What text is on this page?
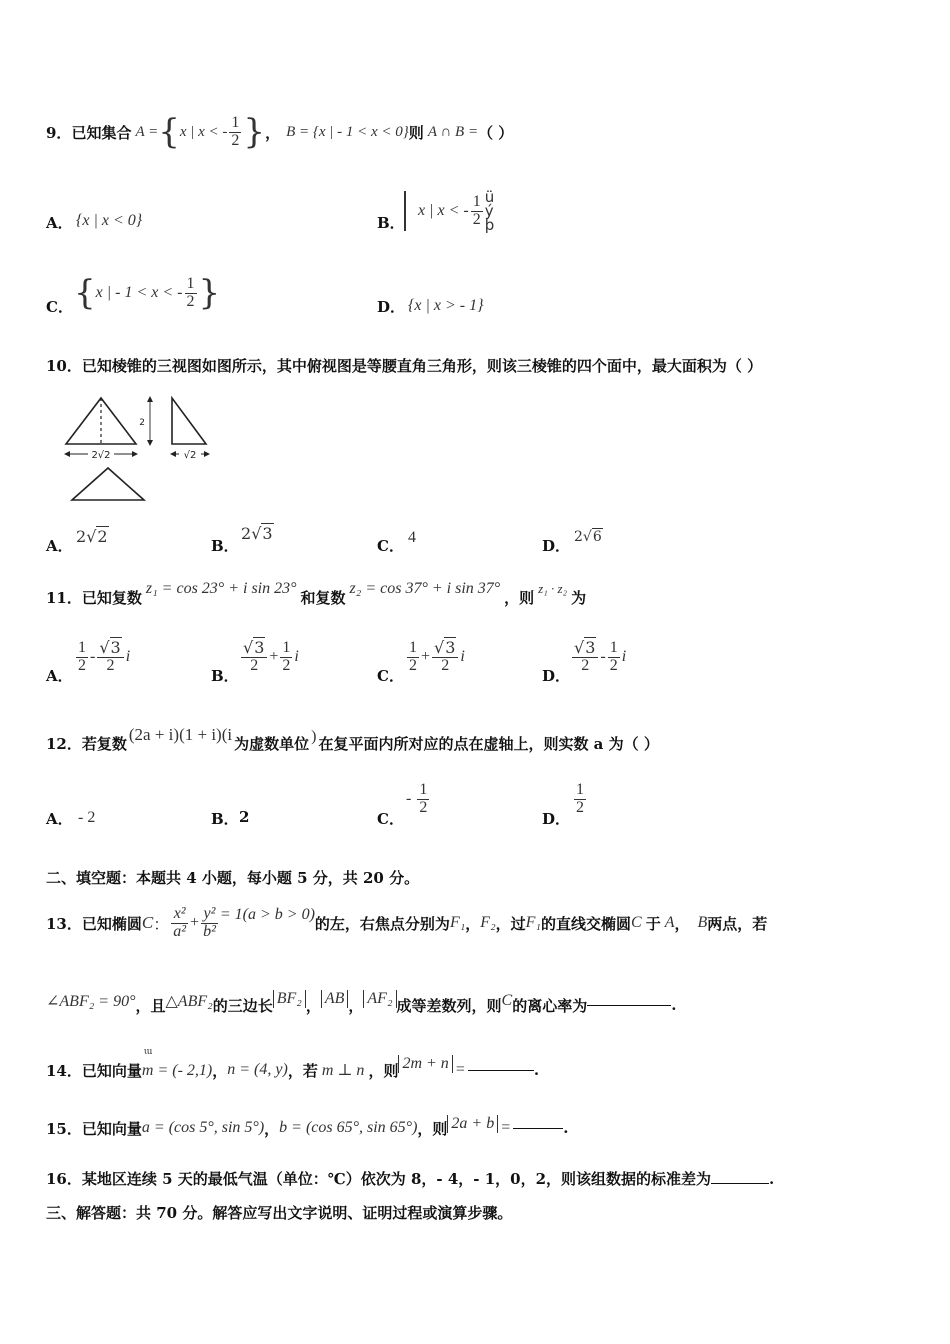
9． 已知集合 A = { x | x < - $\frac{1}{2}$ } ， B = {x | - 1 < x < 0} 则 A ∩ B = （ ）
A． {x | x < 0}	B．
x | x < - $\frac{1}{2}$ ü
ý
þ
C． { x | - 1 < x < - $\frac{1}{2}$ }	D． {x | x > - 1}
10．已知棱锥的三视图如图所示，其中俯视图是等腰直角三角形，则该三棱锥的四个面中，最大面积为（ ）
2
2√2	√2
A． 2√2	B．
2√3
C． 4	D． 2√6
11． 已知复数 z₁ = cos 23° + i sin 23° 和复数 z₂ = cos 37° + i sin 37° ，则 z₁ · z₂ 为
A．
$\frac{1}{2} - \frac{√3}{2}$ i
B．
$\frac{√3}{2} + \frac{1}{2}$ i
C．
$\frac{1}{2} + \frac{√3}{2}$ i
D．
$\frac{√3}{2} - \frac{1}{2}$ i
12． 若复数 (2a + i)(1 + i)(i 为虚数单位 ) 在复平面内所对应的点在虚轴上，则实数 a 为（ ）
A． - 2	B． 2	C．
- $\frac{1}{2}$
D．
$\frac{1}{2}$
二、填空题：本题共 4 小题，每小题 5 分，共 20 分。
13． 已知椭圆 C ： $\frac{\text{x²}}{\text{a²}} + \frac{\text{y²}}{\text{b²}} = 1(a > b > 0)$ 的左，右焦点分别为 F₁ ， F₂ ，过 F₁ 的直线交椭圆 C 于 A ， B 两点，若
∠ABF₂ = 90° ，且 △ABF₂ 的三边长 BF₂ ， AB ， AF₂ 成等差数列，则 C 的离心率为	.
14． 已知向量
ա
m = (- 2,1) ， n = (4, y) ，若 m ⊥ n ，则 2m + n =	.
15． 已知向量 a = (cos 5°, sin 5°) ， b = (cos 65°, sin 65°) ，则 2a + b =	.
16．某地区连续 5 天的最低气温（单位：℃）依次为 8，- 4，- 1，0，2，则该组数据的标准差为	.
三、解答题：共 70 分。解答应写出文字说明、证明过程或演算步骤。
